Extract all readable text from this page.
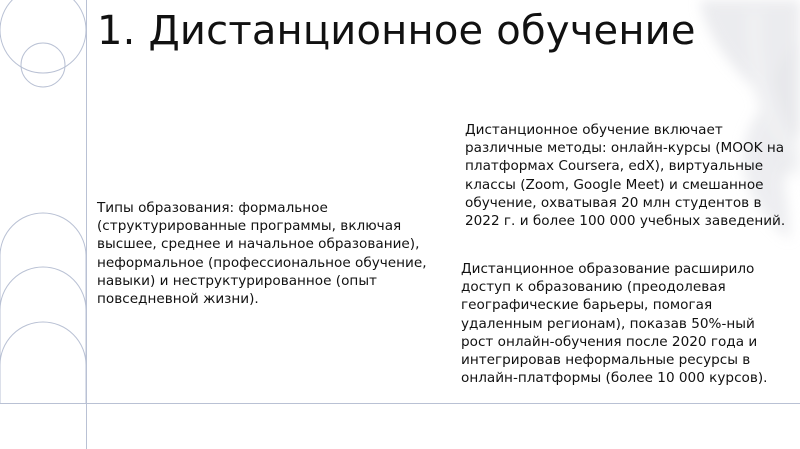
1. Дистанционное обучение

Типы образования: формальное (структурированные программы, включая высшее, среднее и начальное образование), неформальное (профессиональное обучение, навыки) и неструктурированное (опыт повседневной жизни).

Дистанционное обучение включает различные методы: онлайн-курсы (MOOK на платформах Coursera, edX), виртуальные классы (Zoom, Google Meet) и смешанное обучение, охватывая 20 млн студентов в 2022 г. и более 100 000 учебных заведений.

Дистанционное образование расширило доступ к образованию (преодолевая географические барьеры, помогая удаленным регионам), показав 50%-ный рост онлайн-обучения после 2020 года и интегрировав неформальные ресурсы в онлайн-платформы (более 10 000 курсов).
